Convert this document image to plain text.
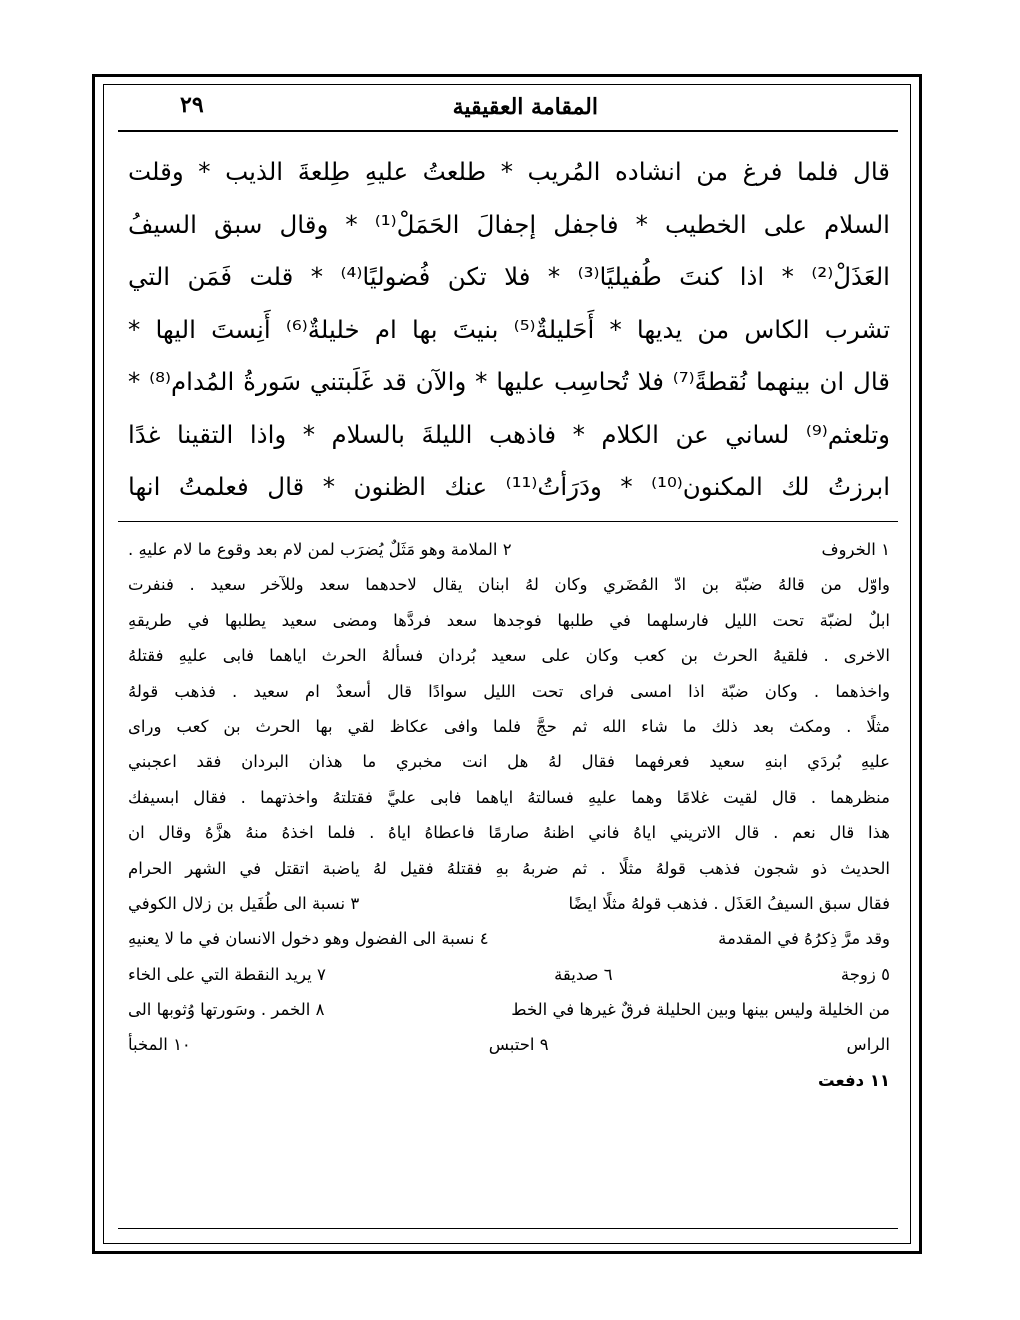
المقامة العقيقية
٢٩
قال فلما فرغ من انشاده المُريب * طلعتُ عليهِ طِلعةَ الذيب * وقلت
السلام على الخطيب * فاجفل إجفالَ الحَمَلْ⁽¹⁾ * وقال سبق السيفُ
العَذَلْ⁽²⁾ * اذا كنتَ طُفيليًا⁽³⁾ * فلا تكن فُضوليًا⁽⁴⁾ * قلت فَمَن التي
تشرب الكاس من يديها * أَحَليلةٌ⁽⁵⁾ بنيتَ بها ام خليلةٌ⁽⁶⁾ أَنِستَ اليها *
قال ان بينهما نُقطةً⁽⁷⁾ فلا تُحاسِب عليها * والآن قد غَلَبتني سَورةُ المُدام⁽⁸⁾ *
وتلعثم⁽⁹⁾ لساني عن الكلام * فاذهب الليلةَ بالسلام * واذا التقينا غدًا
ابرزتُ لك المكنون⁽¹⁰⁾ * ودَرَأتُ⁽¹¹⁾ عنك الظنون * قال فعلمتُ انها
١ الخروف
٢ الملامة وهو مَثَلٌ يُضرَب لمن لام بعد وقوع ما لام عليهِ .
واوّل من قالهُ ضبّة بن ادّ المُضَري وكان لهُ ابنان يقال لاحدهما سعد وللآخر سعيد . فنفرت
ابلٌ لضبّة تحت الليل فارسلهما في طلبها فوجدها سعد فردَّها ومضى سعيد يطلبها في طريقهِ
الاخرى . فلقيهُ الحرث بن كعب وكان على سعيد بُردان فسألهُ الحرث اياهما فابى عليهِ فقتلهُ
واخذهما . وكان ضبّة اذا امسى فراى تحت الليل سوادًا قال أسعدٌ ام سعيد . فذهب قولهُ
مثلًا . ومكث بعد ذلك ما شاء الله ثم حجَّ فلما وافى عكاظ لقي بها الحرث بن كعب وراى
عليهِ بُردَي ابنهِ سعيد فعرفهما فقال لهُ هل انت مخبري ما هذان البردان فقد اعجبني
منظرهما . قال لقيت غلامًا وهما عليهِ فسالتهُ اياهما فابى عليَّ فقتلتهُ واخذتهما . فقال ابسيفك
هذا قال نعم . قال الاتريني اياهُ فاني اظنهُ صارمًا فاعطاهُ اياهُ . فلما اخذهُ منهُ هزَّهُ وقال ان
الحديث ذو شجون فذهب قولهُ مثلًا . ثم ضربهُ بهِ فقتلهُ فقيل لهُ ياضبة اتقتل في الشهر الحرام
فقال سبق السيفُ العَذَل . فذهب قولهُ مثلًا ايضًا
٣ نسبة الى طُفَيل بن زلال الكوفي
وقد مرَّ ذِكرُهُ في المقدمة
٤ نسبة الى الفضول وهو دخول الانسان في ما لا يعنيهِ
٥ زوجة
٦ صديقة
٧ يريد النقطة التي على الخاء
من الخليلة وليس بينها وبين الحليلة فرقٌ غيرها في الخط
٨ الخمر . وسَورتها وُثوبها الى
الراس
٩ احتبس
١٠ المخبأ
١١ دفعت
